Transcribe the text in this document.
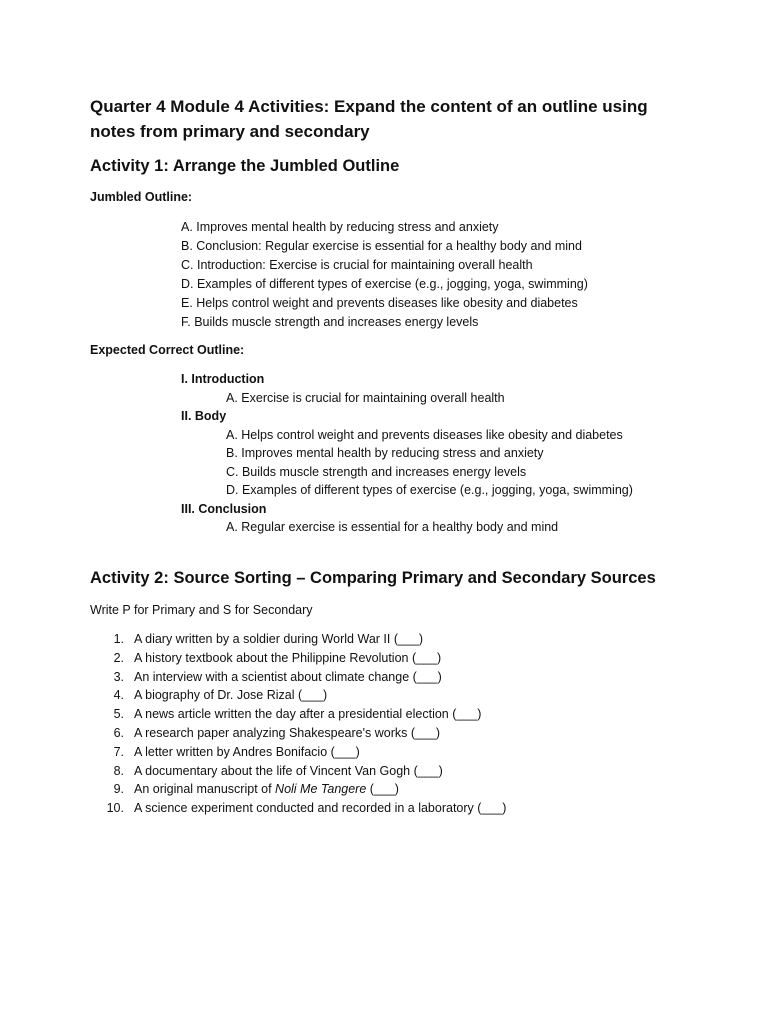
Quarter 4 Module 4 Activities: Expand the content of an outline using notes from primary and secondary
Activity 1: Arrange the Jumbled Outline

Jumbled Outline:

A. Improves mental health by reducing stress and anxiety
B. Conclusion: Regular exercise is essential for a healthy body and mind
C. Introduction: Exercise is crucial for maintaining overall health
D. Examples of different types of exercise (e.g., jogging, yoga, swimming)
E. Helps control weight and prevents diseases like obesity and diabetes
F. Builds muscle strength and increases energy levels

Expected Correct Outline:

I. Introduction
A. Exercise is crucial for maintaining overall health
II. Body
A. Helps control weight and prevents diseases like obesity and diabetes
B. Improves mental health by reducing stress and anxiety
C. Builds muscle strength and increases energy levels
D. Examples of different types of exercise (e.g., jogging, yoga, swimming)
III. Conclusion
A. Regular exercise is essential for a healthy body and mind
Activity 2: Source Sorting – Comparing Primary and Secondary Sources

Write P for Primary and S for Secondary

1. A diary written by a soldier during World War II (___)
2. A history textbook about the Philippine Revolution (___)
3. An interview with a scientist about climate change (___)
4. A biography of Dr. Jose Rizal (___)
5. A news article written the day after a presidential election (___)
6. A research paper analyzing Shakespeare's works (___)
7. A letter written by Andres Bonifacio (___)
8. A documentary about the life of Vincent Van Gogh (___)
9. An original manuscript of Noli Me Tangere (___)
10. A science experiment conducted and recorded in a laboratory (___)
